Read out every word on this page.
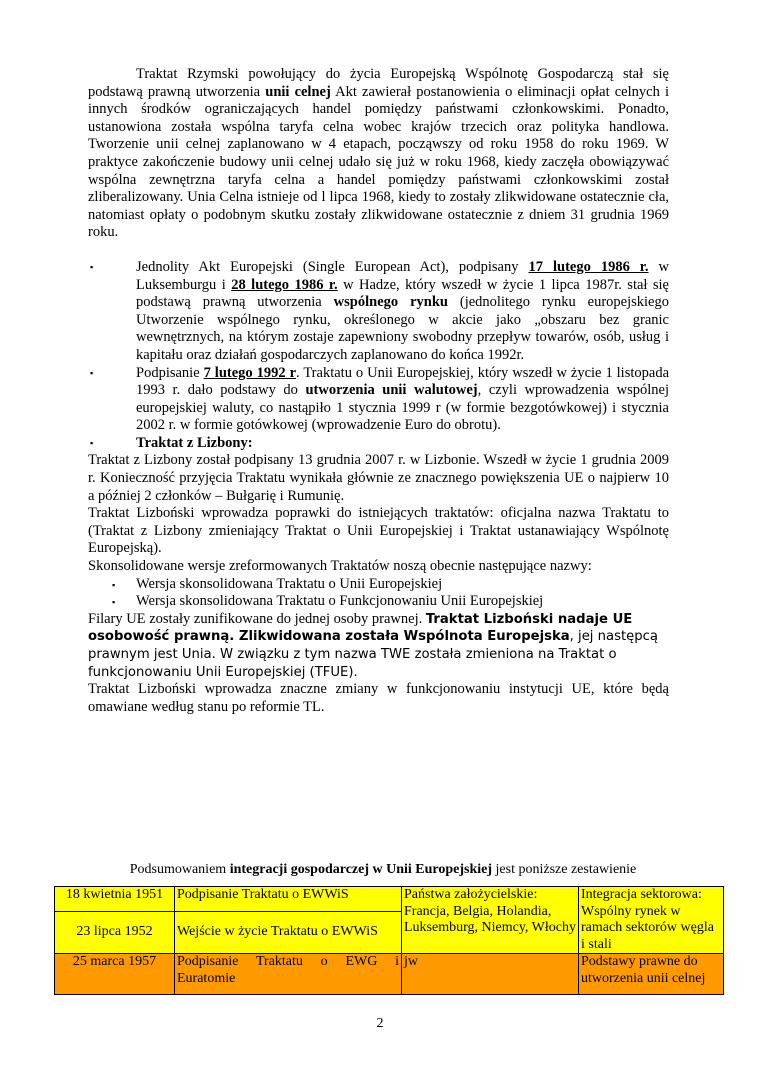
Traktat Rzymski powołujący do życia Europejską Wspólnotę Gospodarczą stał się podstawą prawną utworzenia unii celnej Akt zawierał postanowienia o eliminacji opłat celnych i innych środków ograniczających handel pomiędzy państwami członkowskimi. Ponadto, ustanowiona została wspólna taryfa celna wobec krajów trzecich oraz polityka handlowa. Tworzenie unii celnej zaplanowano w 4 etapach, począwszy od roku 1958 do roku 1969. W praktyce zakończenie budowy unii celnej udało się już w roku 1968, kiedy zaczęła obowiązywać wspólna zewnętrzna taryfa celna a handel pomiędzy państwami członkowskimi został zliberalizowany. Unia Celna istnieje od l lipca 1968, kiedy to zostały zlikwidowane ostatecznie cła, natomiast opłaty o podobnym skutku zostały zlikwidowane ostatecznie z dniem 31 grudnia 1969 roku.

▪	Jednolity Akt Europejski (Single European Act), podpisany 17 lutego 1986 r. w Luksemburgu i 28 lutego 1986 r. w Hadze, który wszedł w życie 1 lipca 1987r. stał się podstawą prawną utworzenia wspólnego rynku (jednolitego rynku europejskiego Utworzenie wspólnego rynku, określonego w akcie jako „obszaru bez granic wewnętrznych, na którym zostaje zapewniony swobodny przepływ towarów, osób, usług i kapitału oraz działań gospodarczych zaplanowano do końca 1992r.

▪	Podpisanie 7 lutego 1992 r. Traktatu o Unii Europejskiej, który wszedł w życie 1 listopada 1993 r. dało podstawy do utworzenia unii walutowej, czyli wprowadzenia wspólnej europejskiej waluty, co nastąpiło 1 stycznia 1999 r (w formie bezgotówkowej) i stycznia 2002 r. w formie gotówkowej (wprowadzenie Euro do obrotu).

▪	Traktat z Lizbony:

Traktat z Lizbony został podpisany 13 grudnia 2007 r. w Lizbonie. Wszedł w życie 1 grudnia 2009 r. Konieczność przyjęcia Traktatu wynikała głównie ze znacznego powiększenia UE o najpierw 10 a później 2 członków – Bułgarię i Rumunię.

Traktat Lizboński wprowadza poprawki do istniejących traktatów: oficjalna nazwa Traktatu to (Traktat z Lizbony zmieniający Traktat o Unii Europejskiej i Traktat ustanawiający Wspólnotę Europejską).

Skonsolidowane wersje zreformowanych Traktatów noszą obecnie następujące nazwy:

▪ Wersja skonsolidowana Traktatu o Unii Europejskiej

▪ Wersja skonsolidowana Traktatu o Funkcjonowaniu Unii Europejskiej

Filary UE zostały zunifikowane do jednej osoby prawnej. Traktat Lizboński nadaje UE osobowość prawną. Zlikwidowana została Wspólnota Europejska, jej następcą prawnym jest Unia. W związku z tym nazwa TWE została zmieniona na Traktat o funkcjonowaniu Unii Europejskiej (TFUE).

Traktat Lizboński wprowadza znaczne zmiany w funkcjonowaniu instytucji UE, które będą omawiane według stanu po reformie TL.

Podsumowaniem integracji gospodarczej w Unii Europejskiej jest poniższe zestawienie

18 kwietnia 1951	Podpisanie Traktatu o EWWiS	Państwa założycielskie: Francja, Belgia, Holandia, Luksemburg, Niemcy, Włochy	Integracja sektorowa: Wspólny rynek w ramach sektorów węgla i stali
23 lipca 1952	Wejście w życie Traktatu o EWWiS		
25 marca 1957	Podpisanie Traktatu o EWG i Euratomie	jw	Podstawy prawne do utworzenia unii celnej
2
